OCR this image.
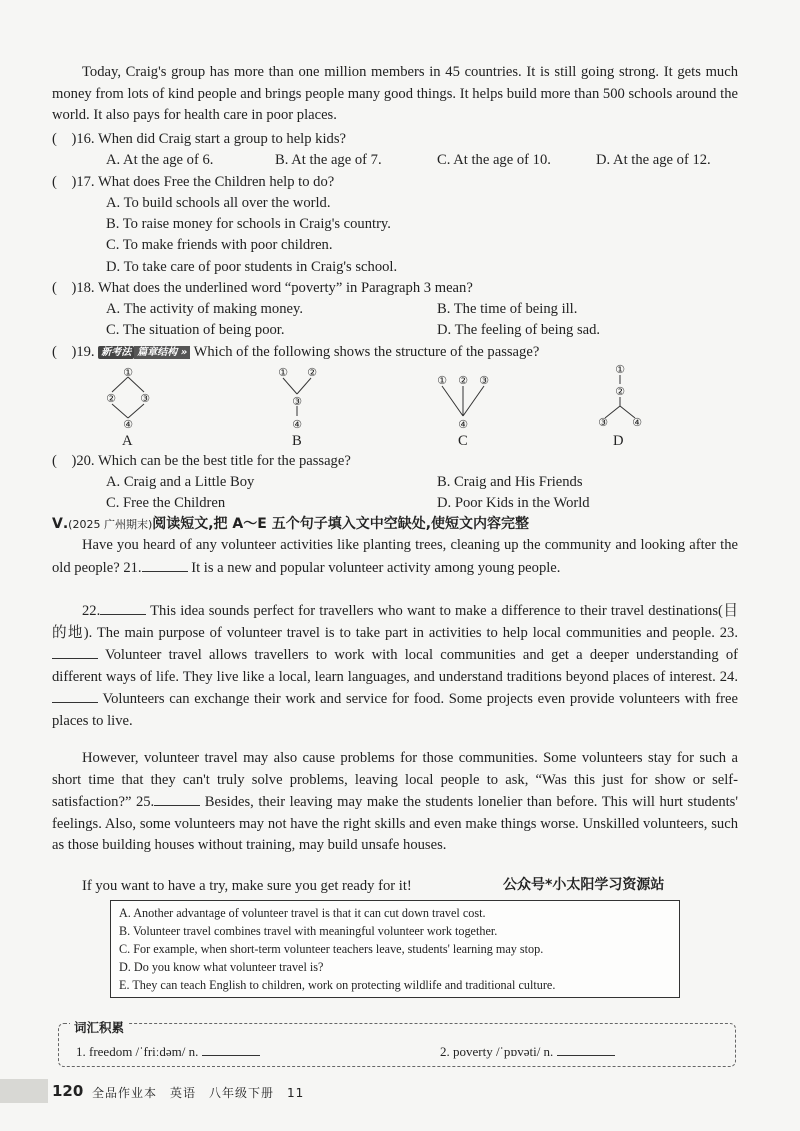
Today, Craig's group has more than one million members in 45 countries. It is still going strong. It gets much money from lots of kind people and brings people many good things. It helps build more than 500 schools around the world. It also pays for health care in poor places.
(　)16. When did Craig start a group to help kids?
A. At the age of 6.	B. At the age of 7.	C. At the age of 10.	D. At the age of 12.
(　)17. What does Free the Children help to do?
A. To build schools all over the world.
B. To raise money for schools in Craig's country.
C. To make friends with poor children.
D. To take care of poor students in Craig's school.
(　)18. What does the underlined word “poverty” in Paragraph 3 mean?
A. The activity of making money.	B. The time of being ill.
C. The situation of being poor.	D. The feeling of being sad.
(　)19. 新考法 篇章结构 » Which of the following shows the structure of the passage?
①
② ③
④
A
① ②
③
④
B
① ② ③
④
C
①
②
③ ④
D
(　)20. Which can be the best title for the passage?
A. Craig and a Little Boy	B. Craig and His Friends
C. Free the Children	D. Poor Kids in the World
Ⅴ.(2025 广州期末)阅读短文,把 A～E 五个句子填入文中空缺处,使短文内容完整
Have you heard of any volunteer activities like planting trees, cleaning up the community and looking after the old people? 21.	It is a new and popular volunteer activity among young people.
22.	This idea sounds perfect for travellers who want to make a difference to their travel destinations(目的地). The main purpose of volunteer travel is to take part in activities to help local communities and people. 23. Volunteer travel allows travellers to work with local communities and get a deeper understanding of different ways of life. They live like a local, learn languages, and understand traditions beyond places of interest. 24. Volunteers can exchange their work and service for food. Some projects even provide volunteers with free places to live.
However, volunteer travel may also cause problems for those communities. Some volunteers stay for such a short time that they can't truly solve problems, leaving local people to ask, “Was this just for show or self-satisfaction?” 25.	Besides, their leaving may make the students lonelier than before. This will hurt students' feelings. Also, some volunteers may not have the right skills and even make things worse. Unskilled volunteers, such as those building houses without training, may build unsafe houses.
If you want to have a try, make sure you get ready for it!	公众号*小太阳学习资源站
A. Another advantage of volunteer travel is that it can cut down travel cost.
B. Volunteer travel combines travel with meaningful volunteer work together.
C. For example, when short-term volunteer teachers leave, students' learning may stop.
D. Do you know what volunteer travel is?
E. They can teach English to children, work on protecting wildlife and traditional culture.
词汇积累
1. freedom /ˈfriːdəm/ n.	2. poverty /ˈpɒvəti/ n.
120 全品作业本　英语　八年级下册　11
